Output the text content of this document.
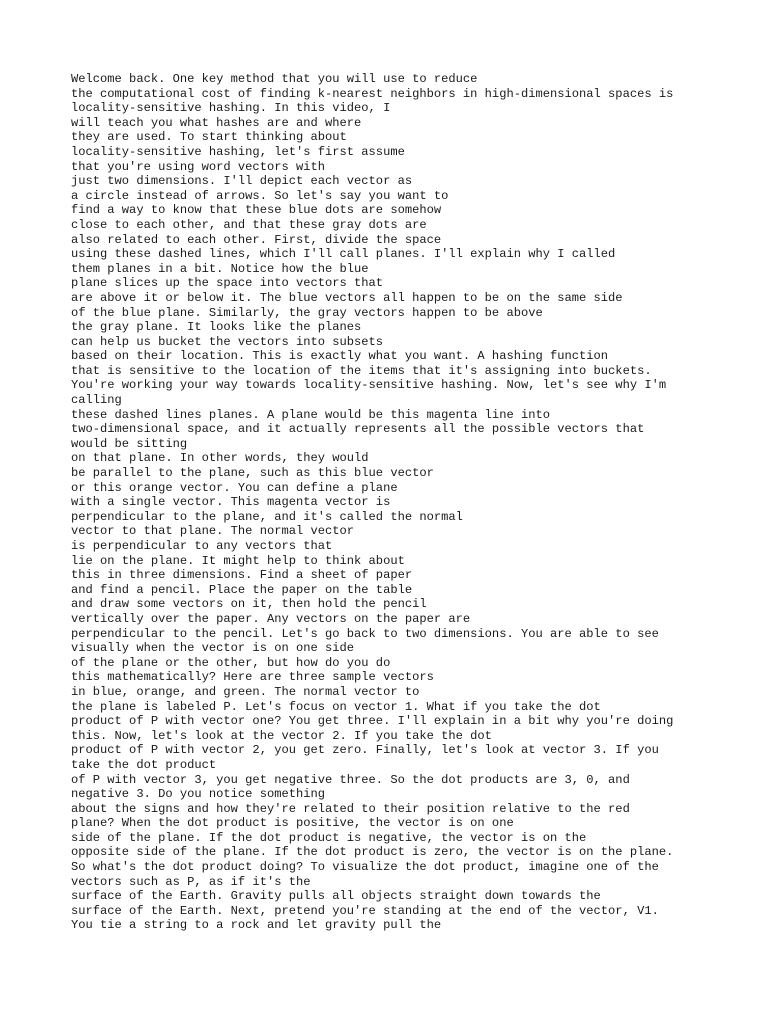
Welcome back. One key method that you will use to reduce
the computational cost of finding k-nearest neighbors in high-dimensional spaces is
locality-sensitive hashing. In this video, I
will teach you what hashes are and where
they are used. To start thinking about
locality-sensitive hashing, let's first assume
that you're using word vectors with
just two dimensions. I'll depict each vector as
a circle instead of arrows. So let's say you want to
find a way to know that these blue dots are somehow
close to each other, and that these gray dots are
also related to each other. First, divide the space
using these dashed lines, which I'll call planes. I'll explain why I called
them planes in a bit. Notice how the blue
plane slices up the space into vectors that
are above it or below it. The blue vectors all happen to be on the same side
of the blue plane. Similarly, the gray vectors happen to be above
the gray plane. It looks like the planes
can help us bucket the vectors into subsets
based on their location. This is exactly what you want. A hashing function
that is sensitive to the location of the items that it's assigning into buckets.
You're working your way towards locality-sensitive hashing. Now, let's see why I'm
calling
these dashed lines planes. A plane would be this magenta line into
two-dimensional space, and it actually represents all the possible vectors that
would be sitting
on that plane. In other words, they would
be parallel to the plane, such as this blue vector
or this orange vector. You can define a plane
with a single vector. This magenta vector is
perpendicular to the plane, and it's called the normal
vector to that plane. The normal vector
is perpendicular to any vectors that
lie on the plane. It might help to think about
this in three dimensions. Find a sheet of paper
and find a pencil. Place the paper on the table
and draw some vectors on it, then hold the pencil
vertically over the paper. Any vectors on the paper are
perpendicular to the pencil. Let's go back to two dimensions. You are able to see
visually when the vector is on one side
of the plane or the other, but how do you do
this mathematically? Here are three sample vectors
in blue, orange, and green. The normal vector to
the plane is labeled P. Let's focus on vector 1. What if you take the dot
product of P with vector one? You get three. I'll explain in a bit why you're doing
this. Now, let's look at the vector 2. If you take the dot
product of P with vector 2, you get zero. Finally, let's look at vector 3. If you
take the dot product
of P with vector 3, you get negative three. So the dot products are 3, 0, and
negative 3. Do you notice something
about the signs and how they're related to their position relative to the red
plane? When the dot product is positive, the vector is on one
side of the plane. If the dot product is negative, the vector is on the
opposite side of the plane. If the dot product is zero, the vector is on the plane.
So what's the dot product doing? To visualize the dot product, imagine one of the
vectors such as P, as if it's the
surface of the Earth. Gravity pulls all objects straight down towards the
surface of the Earth. Next, pretend you're standing at the end of the vector, V1.
You tie a string to a rock and let gravity pull the
